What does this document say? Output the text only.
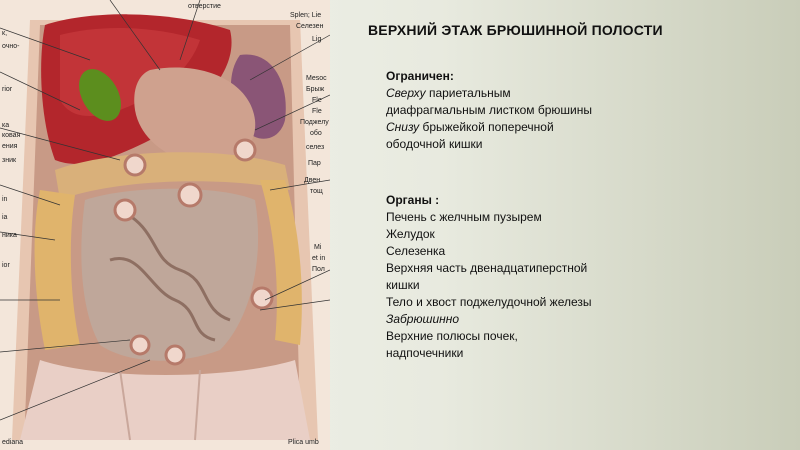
к,
очно-
rior
ка
ковая
ения
зник
in
ia
ника
ior
ediana
отверстие
Splen; Lie
Селезен
Lig
Mesoc
Брыж
Fle
Fle
Поджелу
обо
селез
Пар
Двен
тощ
Mi
et in
Пол
Plica umb
ВЕРХНИЙ ЭТАЖ БРЮШИННОЙ ПОЛОСТИ
Ограничен:
Сверху париетальным
диафрагмальным листком брюшины
Снизу брыжейкой поперечной
ободочной кишки
Органы :
Печень с желчным пузырем
Желудок
Селезенка
Верхняя часть двенадцатиперстной
кишки
Тело и хвост поджелудочной железы
Забрюшинно
Верхние полюсы почек,
надпочечники
